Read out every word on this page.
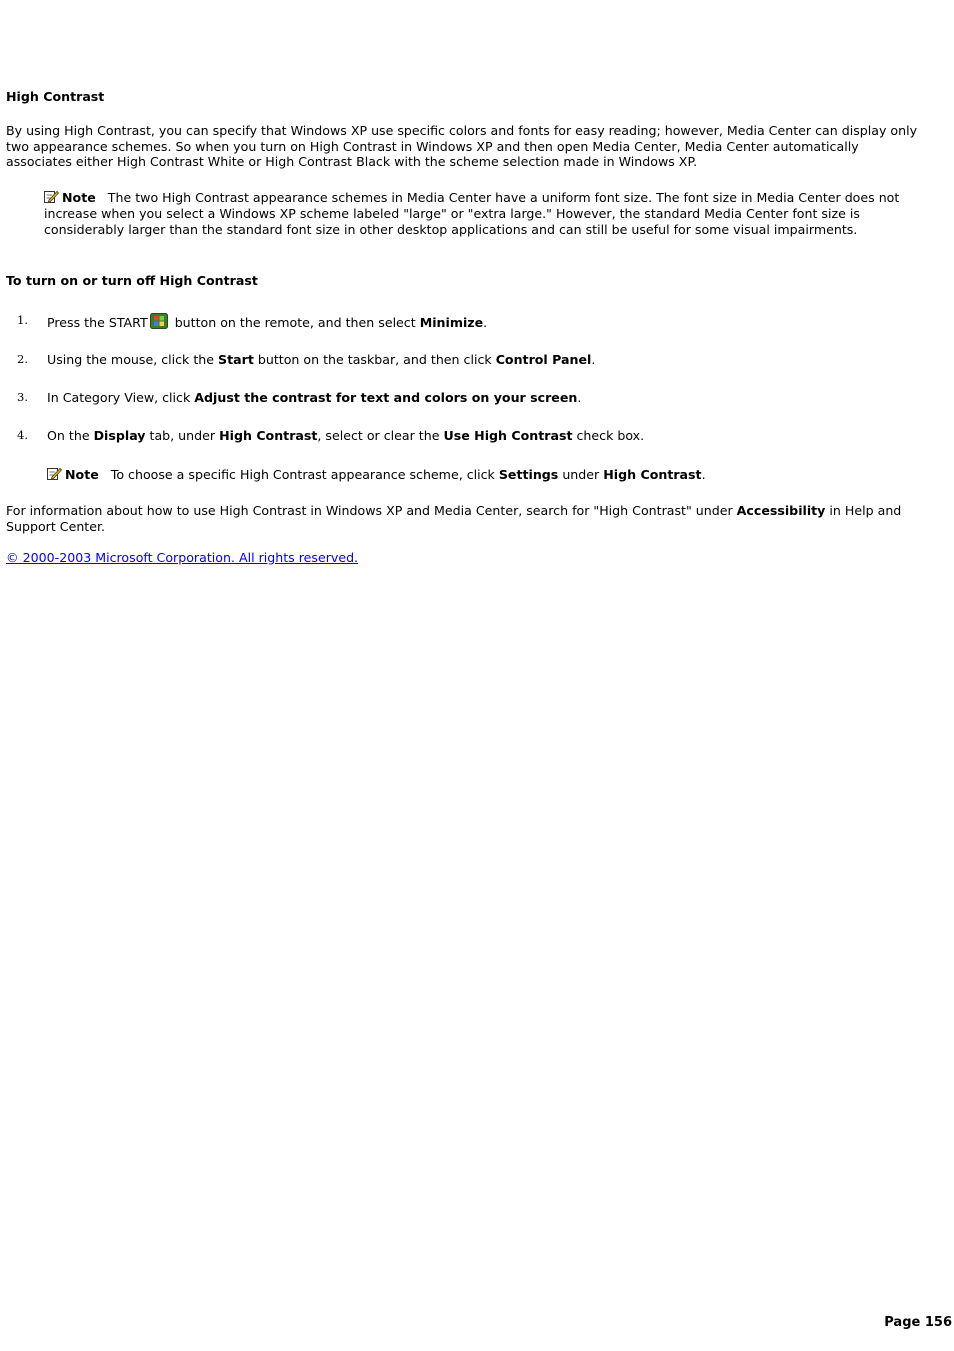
High Contrast

By using High Contrast, you can specify that Windows XP use specific colors and fonts for easy reading; however, Media Center can display only two appearance schemes. So when you turn on High Contrast in Windows XP and then open Media Center, Media Center automatically associates either High Contrast White or High Contrast Black with the scheme selection made in Windows XP.

Note The two High Contrast appearance schemes in Media Center have a uniform font size. The font size in Media Center does not increase when you select a Windows XP scheme labeled "large" or "extra large." However, the standard Media Center font size is considerably larger than the standard font size in other desktop applications and can still be useful for some visual impairments.
To turn on or turn off High Contrast
1. Press the START button on the remote, and then select Minimize.
2. Using the mouse, click the Start button on the taskbar, and then click Control Panel.
3. In Category View, click Adjust the contrast for text and colors on your screen.
4. On the Display tab, under High Contrast, select or clear the Use High Contrast check box.
Note To choose a specific High Contrast appearance scheme, click Settings under High Contrast.

For information about how to use High Contrast in Windows XP and Media Center, search for "High Contrast" under Accessibility in Help and Support Center.

© 2000-2003 Microsoft Corporation. All rights reserved.
Page 156
